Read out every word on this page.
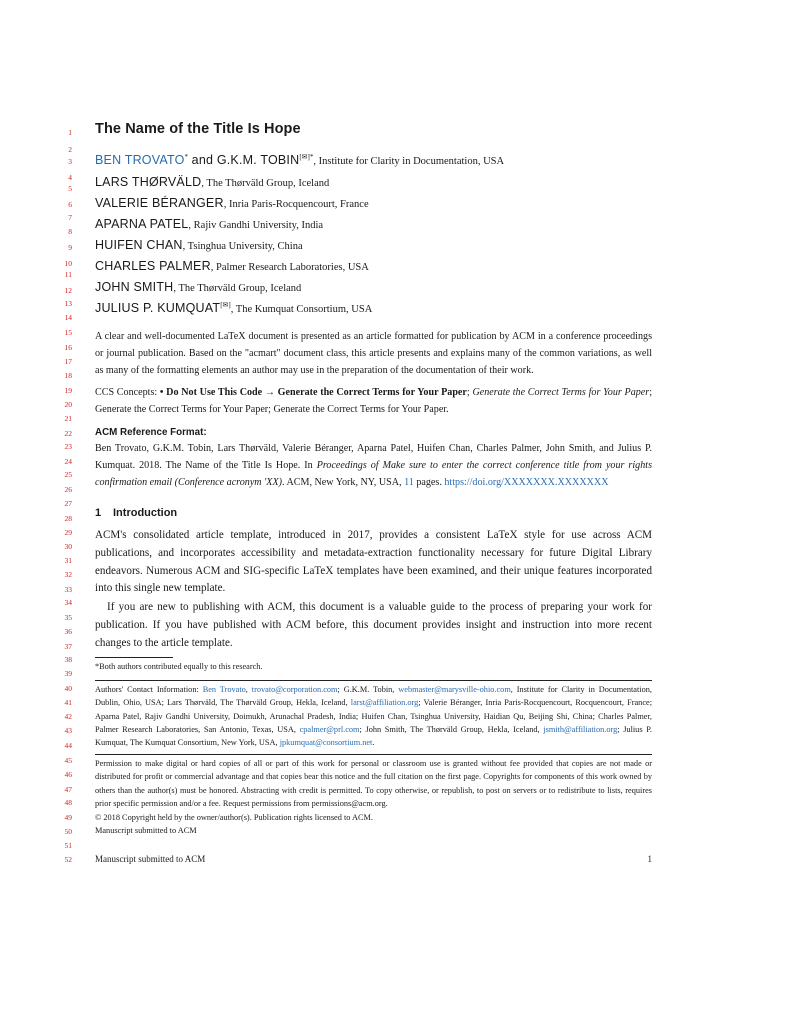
1
2
3
4
5
6
7
8
9
10
11
12
13
14
15
16
17
18
19
20
21
22
23
24
25
26
27
28
29
30
31
32
33
34
35
36
37
38
39
40
41
42
43
44
45
46
47
48
49
50
51
52
The Name of the Title Is Hope
BEN TROVATO* and G.K.M. TOBIN[✉]*, Institute for Clarity in Documentation, USA
LARS THØRVÄLD, The Thørväld Group, Iceland
VALERIE BÉRANGER, Inria Paris-Rocquencourt, France
APARNA PATEL, Rajiv Gandhi University, India
HUIFEN CHAN, Tsinghua University, China
CHARLES PALMER, Palmer Research Laboratories, USA
JOHN SMITH, The Thørväld Group, Iceland
JULIUS P. KUMQUAT[✉], The Kumquat Consortium, USA
A clear and well-documented LaTeX document is presented as an article formatted for publication by ACM in a conference proceedings or journal publication. Based on the "acmart" document class, this article presents and explains many of the common variations, as well as many of the formatting elements an author may use in the preparation of the documentation of their work.
CCS Concepts: • Do Not Use This Code → Generate the Correct Terms for Your Paper; Generate the Correct Terms for Your Paper; Generate the Correct Terms for Your Paper; Generate the Correct Terms for Your Paper.
ACM Reference Format:
Ben Trovato, G.K.M. Tobin, Lars Thørväld, Valerie Béranger, Aparna Patel, Huifen Chan, Charles Palmer, John Smith, and Julius P. Kumquat. 2018. The Name of the Title Is Hope. In Proceedings of Make sure to enter the correct conference title from your rights confirmation email (Conference acronym 'XX). ACM, New York, NY, USA, 11 pages. https://doi.org/XXXXXXX.XXXXXXX
1 Introduction
ACM's consolidated article template, introduced in 2017, provides a consistent LaTeX style for use across ACM publications, and incorporates accessibility and metadata-extraction functionality necessary for future Digital Library endeavors. Numerous ACM and SIG-specific LaTeX templates have been examined, and their unique features incorporated into this single new template.
If you are new to publishing with ACM, this document is a valuable guide to the process of preparing your work for publication. If you have published with ACM before, this document provides insight and instruction into more recent changes to the article template.
*Both authors contributed equally to this research.
Authors' Contact Information: Ben Trovato, trovato@corporation.com; G.K.M. Tobin, webmaster@marysville-ohio.com, Institute for Clarity in Documentation, Dublin, Ohio, USA; Lars Thørväld, The Thørväld Group, Hekla, Iceland, larst@affiliation.org; Valerie Béranger, Inria Paris-Rocquencourt, Rocquencourt, France; Aparna Patel, Rajiv Gandhi University, Doimukh, Arunachal Pradesh, India; Huifen Chan, Tsinghua University, Haidian Qu, Beijing Shi, China; Charles Palmer, Palmer Research Laboratories, San Antonio, Texas, USA, cpalmer@prl.com; John Smith, The Thørväld Group, Hekla, Iceland, jsmith@affiliation.org; Julius P. Kumquat, The Kumquat Consortium, New York, USA, jpkumquat@consortium.net.
Permission to make digital or hard copies of all or part of this work for personal or classroom use is granted without fee provided that copies are not made or distributed for profit or commercial advantage and that copies bear this notice and the full citation on the first page. Copyrights for components of this work owned by others than the author(s) must be honored. Abstracting with credit is permitted. To copy otherwise, or republish, to post on servers or to redistribute to lists, requires prior specific permission and/or a fee. Request permissions from permissions@acm.org.
© 2018 Copyright held by the owner/author(s). Publication rights licensed to ACM.
Manuscript submitted to ACM
Manuscript submitted to ACM	1
